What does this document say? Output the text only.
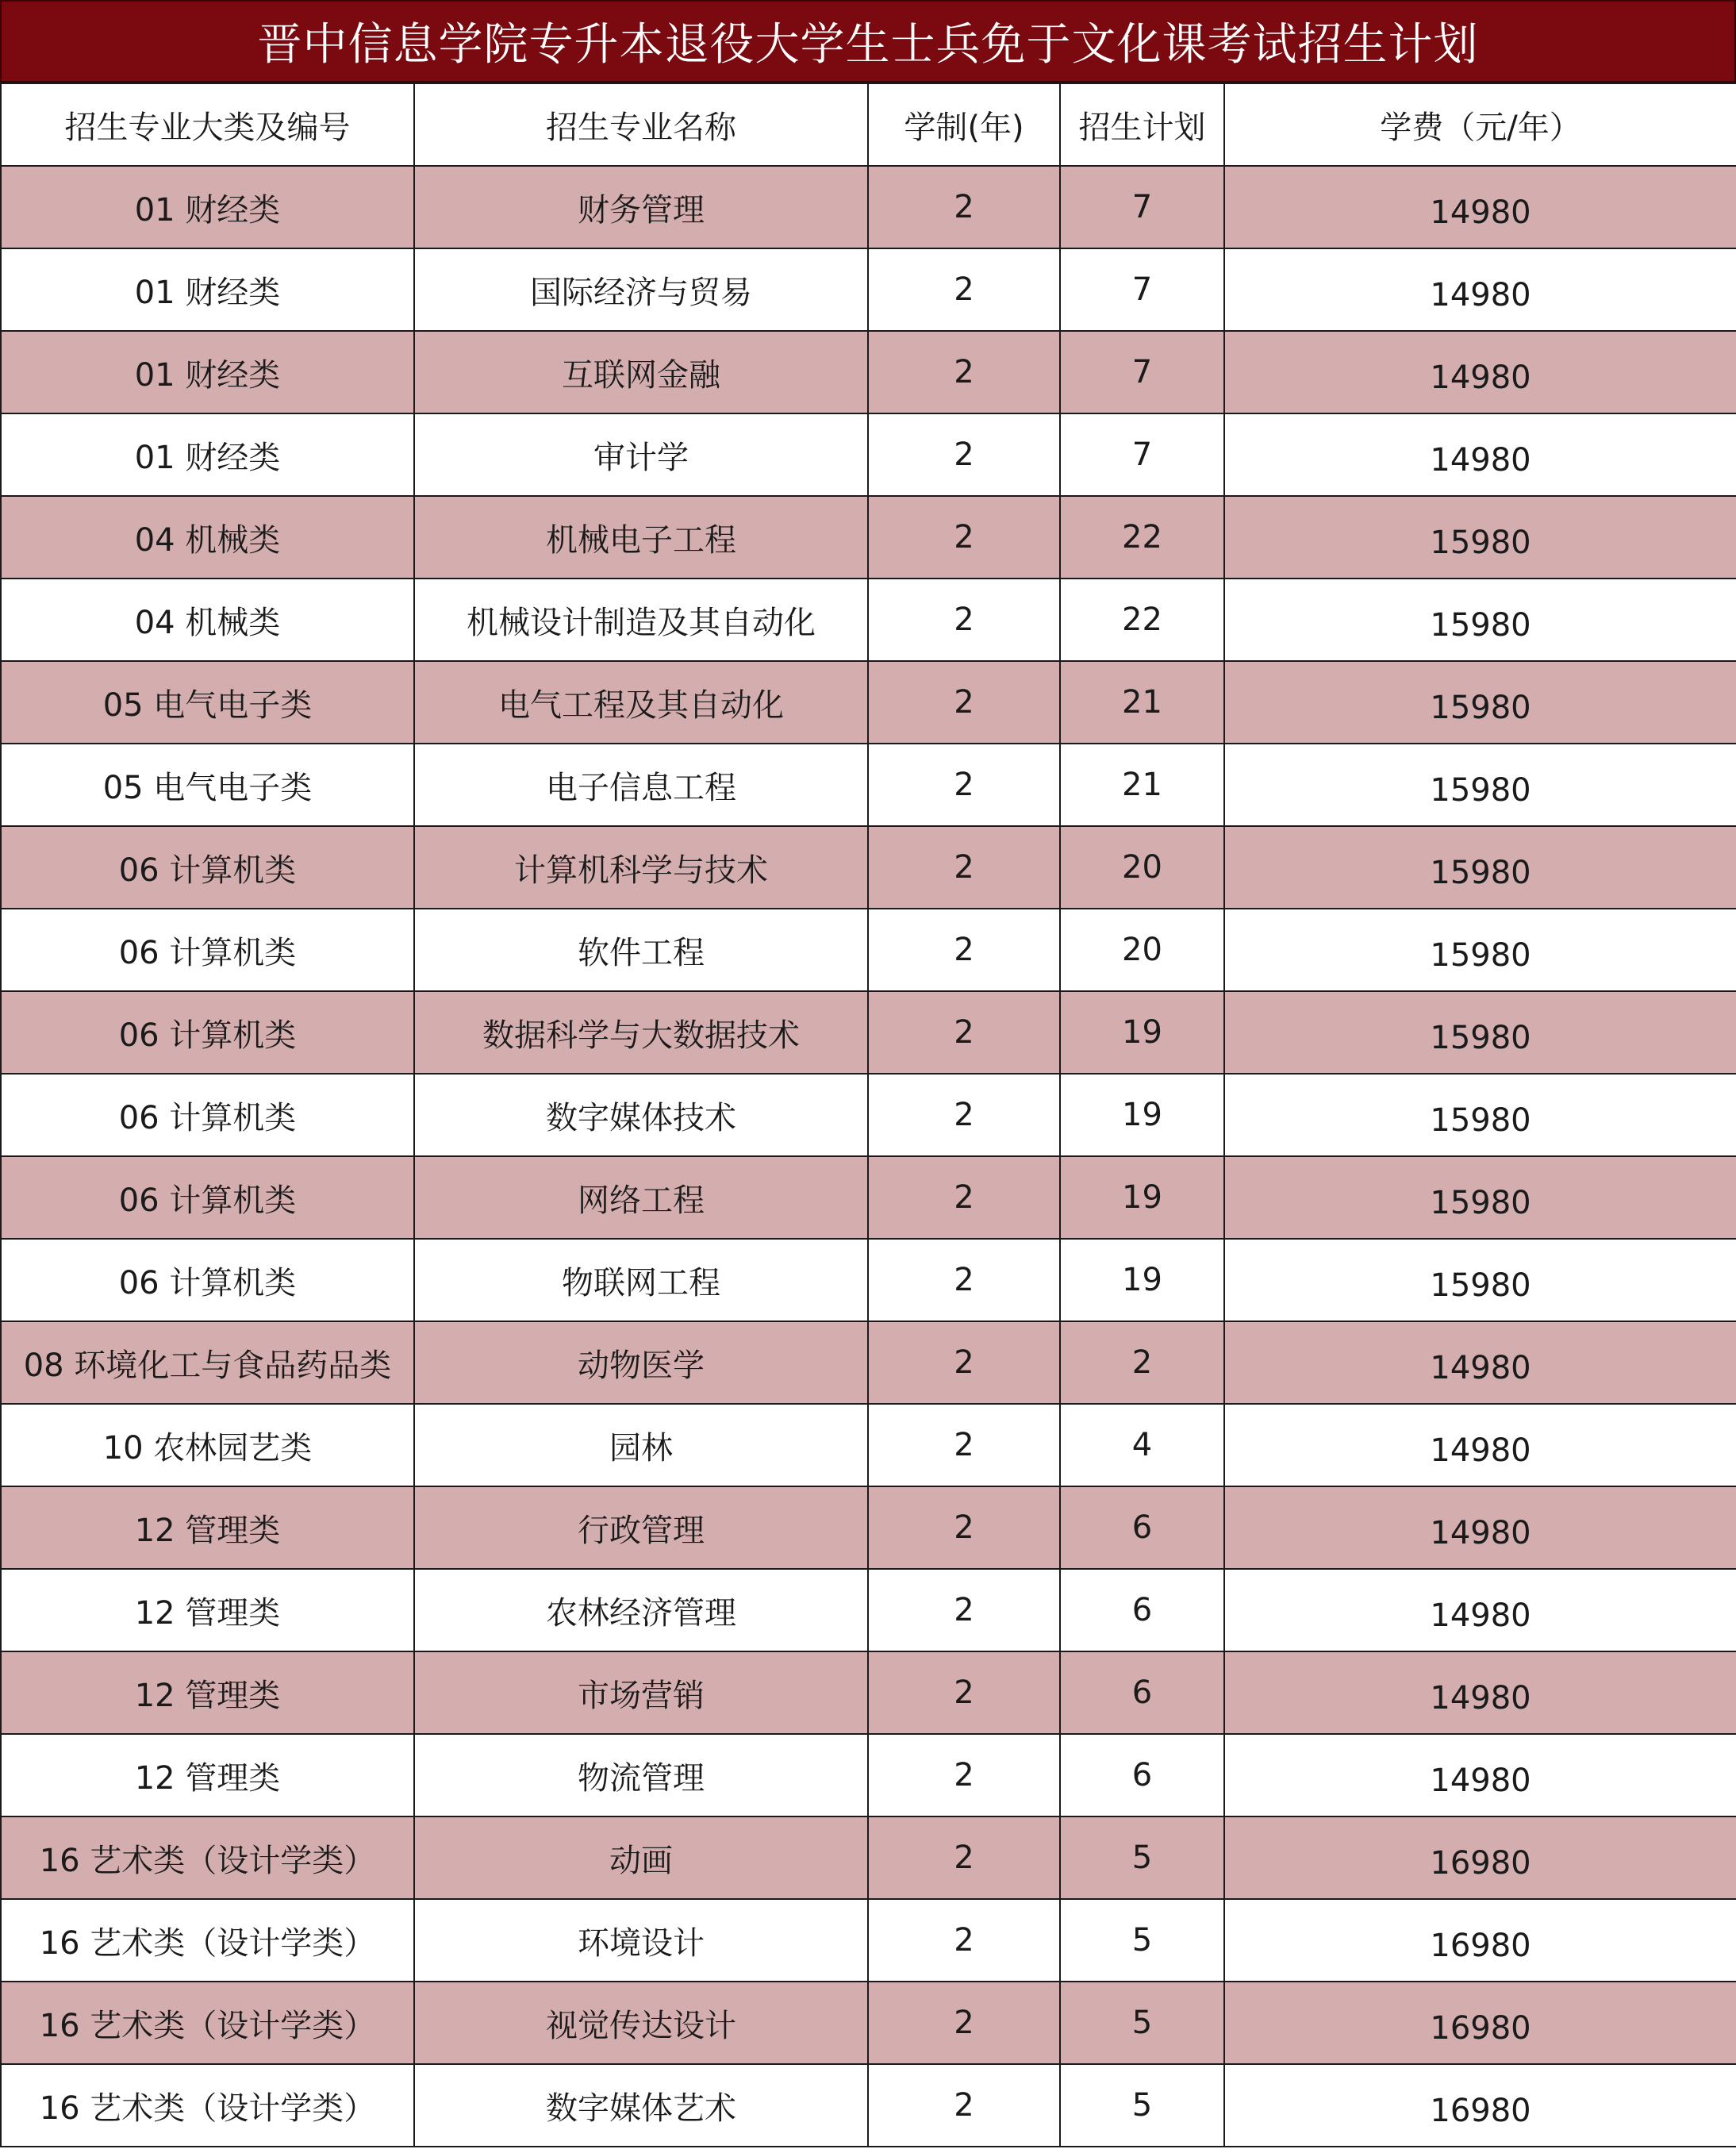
晋中信息学院专升本退役大学生士兵免于文化课考试招生计划
招生专业大类及编号	招生专业名称	学制(年)	招生计划	学费（元/年）
01 财经类	财务管理	2	7	14980
01 财经类	国际经济与贸易	2	7	14980
01 财经类	互联网金融	2	7	14980
01 财经类	审计学	2	7	14980
04 机械类	机械电子工程	2	22	15980
04 机械类	机械设计制造及其自动化	2	22	15980
05 电气电子类	电气工程及其自动化	2	21	15980
05 电气电子类	电子信息工程	2	21	15980
06 计算机类	计算机科学与技术	2	20	15980
06 计算机类	软件工程	2	20	15980
06 计算机类	数据科学与大数据技术	2	19	15980
06 计算机类	数字媒体技术	2	19	15980
06 计算机类	网络工程	2	19	15980
06 计算机类	物联网工程	2	19	15980
08 环境化工与食品药品类	动物医学	2	2	14980
10 农林园艺类	园林	2	4	14980
12 管理类	行政管理	2	6	14980
12 管理类	农林经济管理	2	6	14980
12 管理类	市场营销	2	6	14980
12 管理类	物流管理	2	6	14980
16 艺术类（设计学类）	动画	2	5	16980
16 艺术类（设计学类）	环境设计	2	5	16980
16 艺术类（设计学类）	视觉传达设计	2	5	16980
16 艺术类（设计学类）	数字媒体艺术	2	5	16980
